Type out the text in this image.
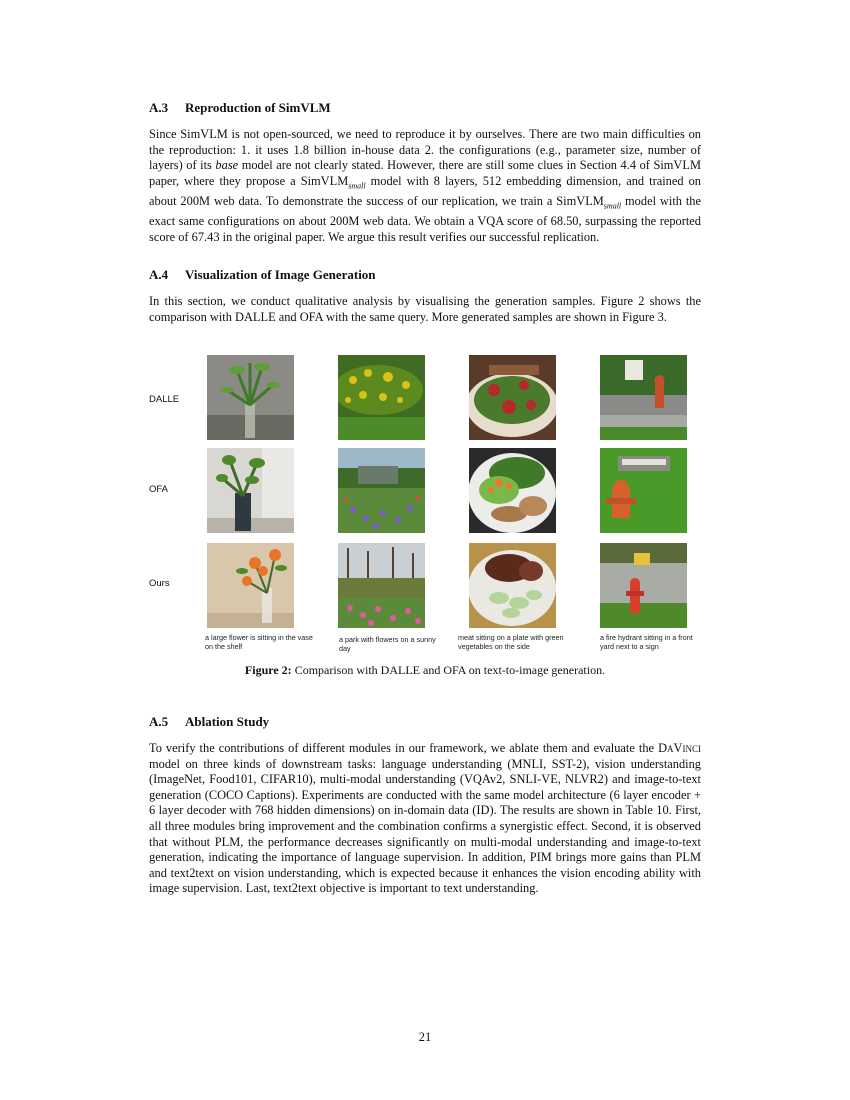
A.3 Reproduction of SimVLM

Since SimVLM is not open-sourced, we need to reproduce it by ourselves. There are two main difficulties on the reproduction: 1. it uses 1.8 billion in-house data 2. the configurations (e.g., parameter size, number of layers) of its base model are not clearly stated. However, there are still some clues in Section 4.4 of SimVLM paper, where they propose a SimVLM$_{small}$ model with 8 layers, 512 embedding dimension, and trained on about 200M web data. To demonstrate the success of our replication, we train a SimVLM$_{small}$ model with the exact same configurations on about 200M web data. We obtain a VQA score of 68.50, surpassing the reported score of 67.43 in the original paper. We argue this result verifies our successful replication.

A.4 Visualization of Image Generation

In this section, we conduct qualitative analysis by visualising the generation samples. Figure 2 shows the comparison with DALLE and OFA with the same query. More generated samples are shown in Figure 3.

DALLE
OFA
Ours
a large flower is sitting in the vase on the shelf
a park with flowers on a sunny day
meat sitting on a plate with green vegetables on the side
a fire hydrant sitting in a front yard next to a sign
Figure 2: Comparison with DALLE and OFA on text-to-image generation.
A.5 Ablation Study

To verify the contributions of different modules in our framework, we ablate them and evaluate the DaVinci model on three kinds of downstream tasks: language understanding (MNLI, SST-2), vision understanding (ImageNet, Food101, CIFAR10), multi-modal understanding (VQAv2, SNLI-VE, NLVR2) and image-to-text generation (COCO Captions). Experiments are conducted with the same model architecture (6 layer encoder + 6 layer decoder with 768 hidden dimensions) on in-domain data (ID). The results are shown in Table 10. First, all three modules bring improvement and the combination confirms a synergistic effect. Second, it is observed that without PLM, the performance decreases significantly on multi-modal understanding and image-to-text generation, indicating the importance of language supervision. In addition, PIM brings more gains than PLM and text2text on vision understanding, which is expected because it enhances the vision encoding ability with image supervision. Last, text2text objective is important to text understanding.

21
